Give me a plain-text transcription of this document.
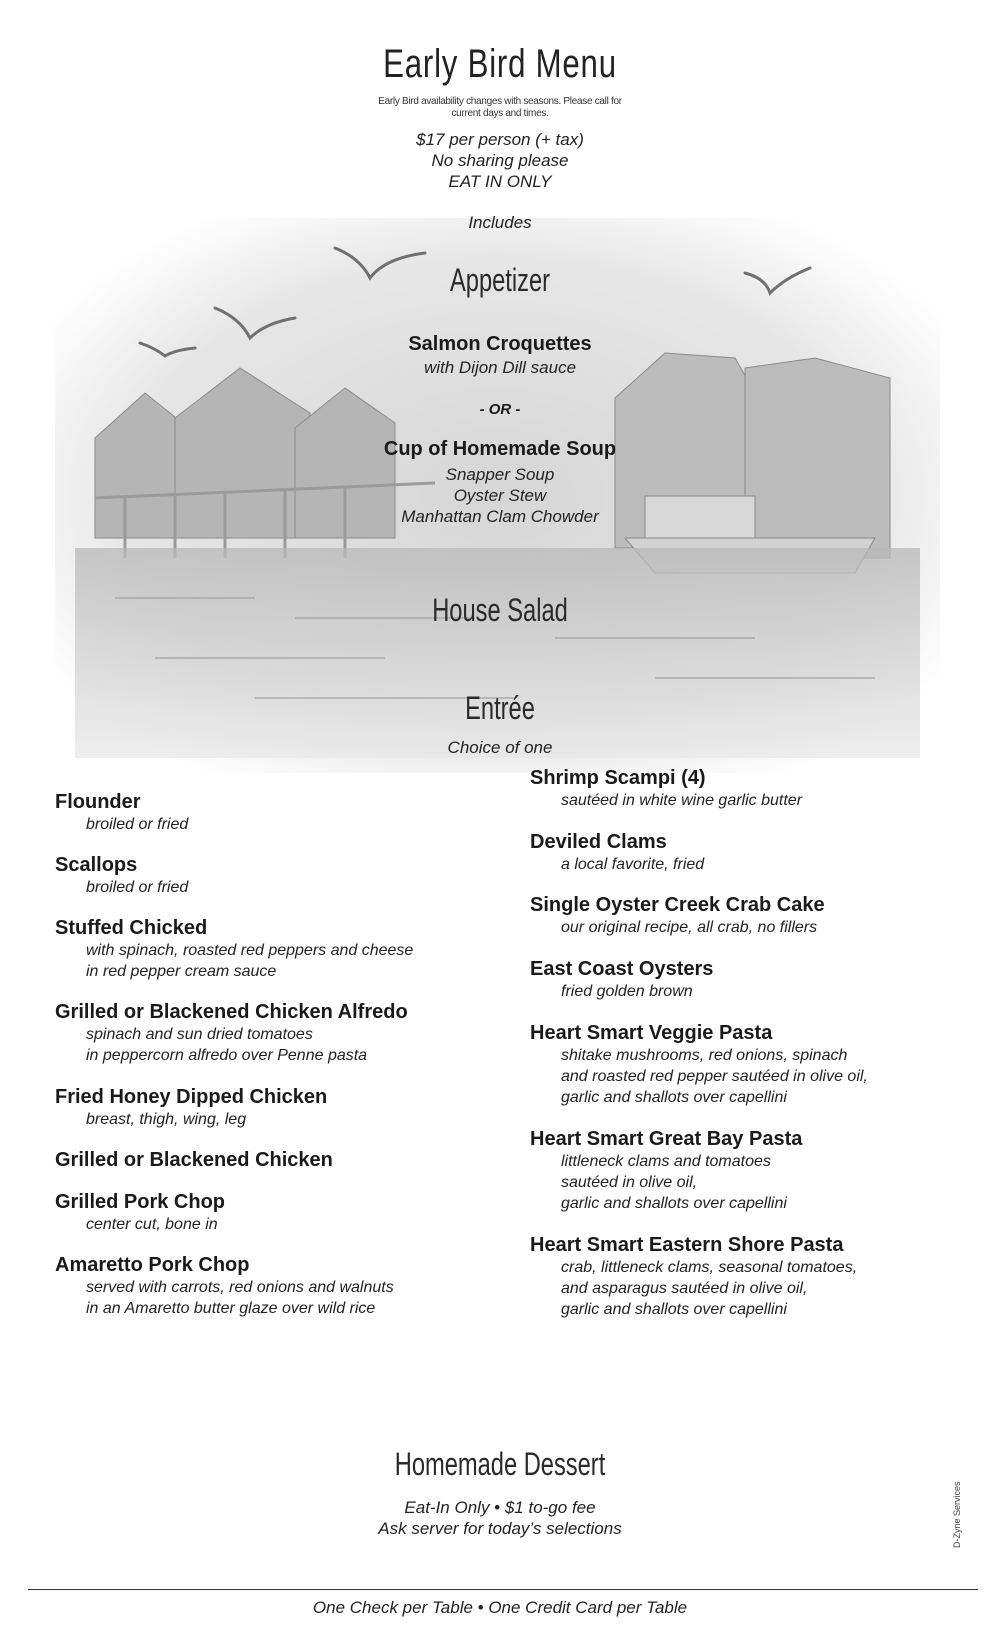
Early Bird Menu
Early Bird availability changes with seasons. Please call for
current days and times.
$17 per person (+ tax)
No sharing please
EAT IN ONLY
Includes
Appetizer
Salmon Croquettes
with Dijon Dill sauce
- OR -
Cup of Homemade Soup
Snapper Soup
Oyster Stew
Manhattan Clam Chowder
House Salad
Entrée
Choice of one
Flounder
broiled or fried
Scallops
broiled or fried
Stuffed Chicked
with spinach, roasted red peppers and cheese
in red pepper cream sauce
Grilled or Blackened Chicken Alfredo
spinach and sun dried tomatoes
in peppercorn alfredo over Penne pasta
Fried Honey Dipped Chicken
breast, thigh, wing, leg
Grilled or Blackened Chicken
Grilled Pork Chop
center cut, bone in
Amaretto Pork Chop
served with carrots, red onions and walnuts
in an Amaretto butter glaze over wild rice
Shrimp Scampi (4)
sautéed in white wine garlic butter
Deviled Clams
a local favorite, fried
Single Oyster Creek Crab Cake
our original recipe, all crab, no fillers
East Coast Oysters
fried golden brown
Heart Smart Veggie Pasta
shitake mushrooms, red onions, spinach
and roasted red pepper sautéed in olive oil,
garlic and shallots over capellini
Heart Smart Great Bay Pasta
littleneck clams and tomatoes
sautéed in olive oil,
garlic and shallots over capellini
Heart Smart Eastern Shore Pasta
crab, littleneck clams, seasonal tomatoes,
and asparagus sautéed in olive oil,
garlic and shallots over capellini
Homemade Dessert
Eat-In Only • $1 to-go fee
Ask server for today’s selections	D-Zyne Services
One Check per Table • One Credit Card per Table
